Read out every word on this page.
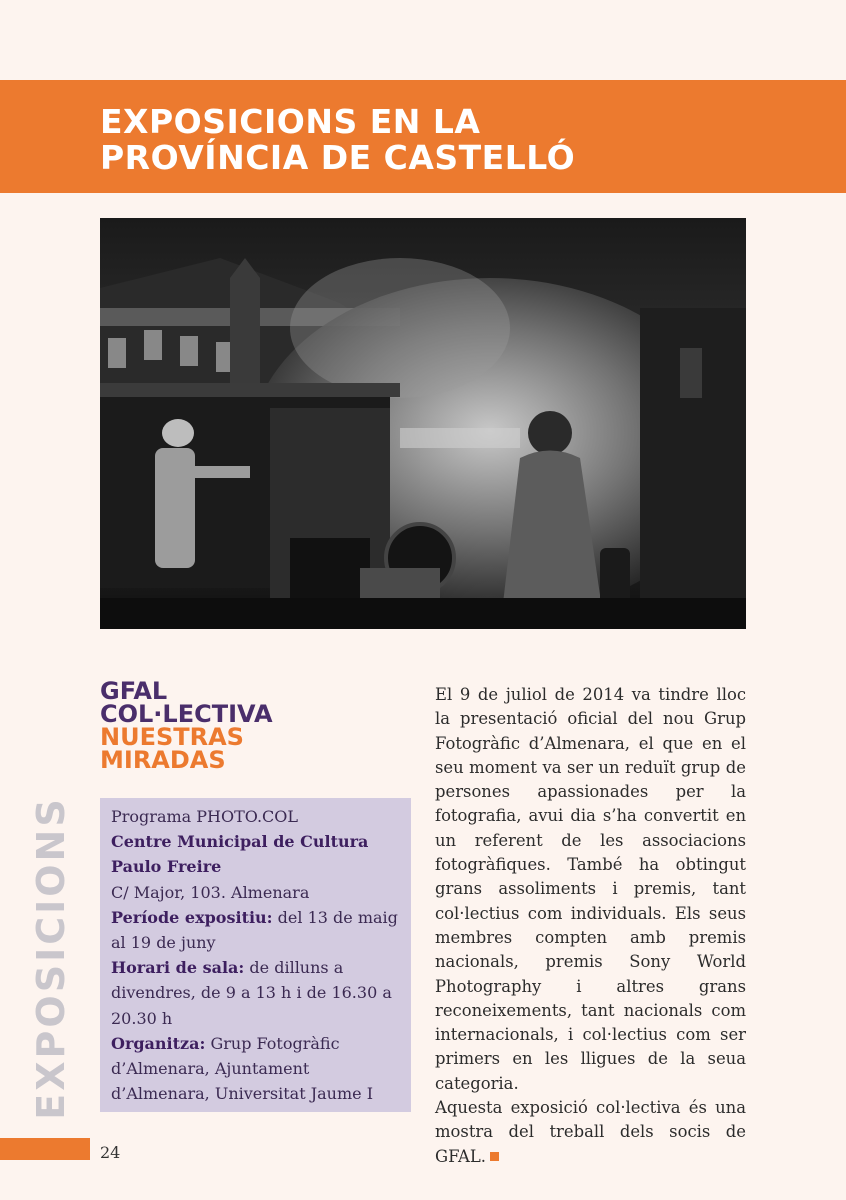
EXPOSICIONS EN LA
PROVÍNCIA DE CASTELLÓ
GFAL
COL·LECTIVA
NUESTRAS
MIRADAS

Programa PHOTO.COL

Centre Municipal de Cultura

Paulo Freire

C/ Major, 103. Almenara

Període expositiu: del 13 de maig al 19 de juny

Horari de sala: de dilluns a divendres, de 9 a 13 h i de 16.30 a 20.30 h

Organitza: Grup Fotogràfic d’Almenara, Ajuntament d’Almenara, Universitat Jaume I

El 9 de juliol de 2014 va tindre lloc la presentació oficial del nou Grup Fotogràfic d’Almenara, el que en el seu moment va ser un reduït grup de persones apassionades per la fotografia, avui dia s’ha convertit en un referent de les associacions fotogràfiques. També ha obtingut grans assoliments i premis, tant col·lectius com individuals. Els seus membres compten amb premis nacionals, premis Sony World Photography i altres grans reconeixements, tant nacionals com internacionals, i col·lectius com ser primers en les lligues de la seua categoria.

Aquesta exposició col·lectiva és una mostra del treball dels socis de GFAL.

EXPOSICIONS
24
